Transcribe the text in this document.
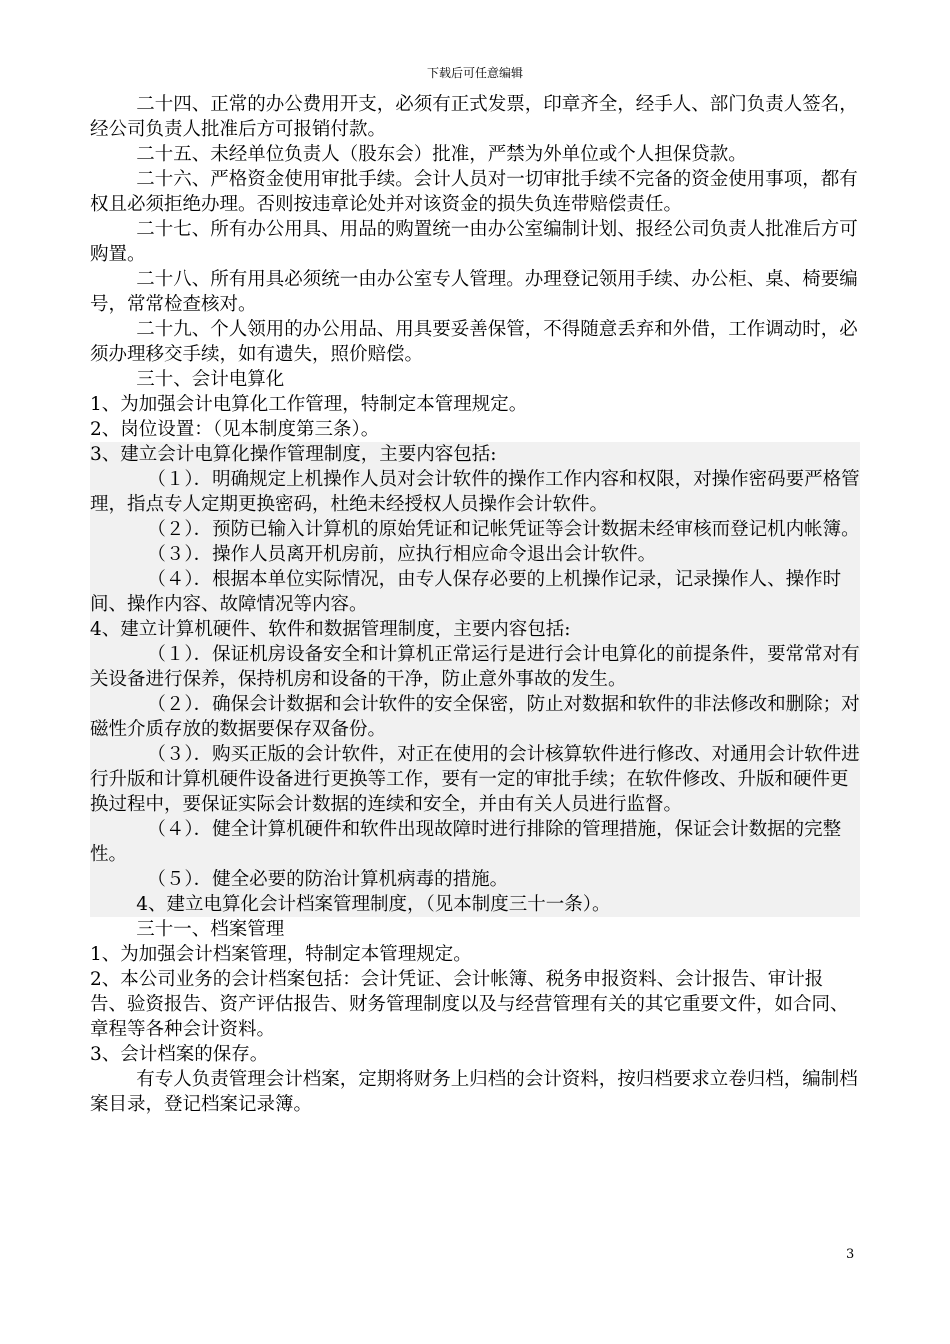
下载后可任意编辑

二十四、正常的办公费用开支，必须有正式发票，印章齐全，经手人、部门负责人签名，经公司负责人批准后方可报销付款。

二十五、未经单位负责人（股东会）批准，严禁为外单位或个人担保贷款。

二十六、严格资金使用审批手续。会计人员对一切审批手续不完备的资金使用事项，都有权且必须拒绝办理。否则按违章论处并对该资金的损失负连带赔偿责任。

二十七、所有办公用具、用品的购置统一由办公室编制计划、报经公司负责人批准后方可购置。

二十八、所有用具必须统一由办公室专人管理。办理登记领用手续、办公柜、桌、椅要编号，常常检查核对。

二十九、个人领用的办公用品、用具要妥善保管，不得随意丢弃和外借，工作调动时，必须办理移交手续，如有遗失，照价赔偿。

三十、会计电算化

1、为加强会计电算化工作管理，特制定本管理规定。

2、岗位设置：（见本制度第三条）。

3、建立会计电算化操作管理制度，主要内容包括:

（１）．明确规定上机操作人员对会计软件的操作工作内容和权限，对操作密码要严格管理，指点专人定期更换密码，杜绝未经授权人员操作会计软件。

（２）．预防已输入计算机的原始凭证和记帐凭证等会计数据未经审核而登记机内帐簿。

（３）．操作人员离开机房前，应执行相应命令退出会计软件。

（４）．根据本单位实际情况，由专人保存必要的上机操作记录，记录操作人、操作时间、操作内容、故障情况等内容。

4、建立计算机硬件、软件和数据管理制度，主要内容包括:

（１）．保证机房设备安全和计算机正常运行是进行会计电算化的前提条件，要常常对有关设备进行保养，保持机房和设备的干净，防止意外事故的发生。

（２）．确保会计数据和会计软件的安全保密，防止对数据和软件的非法修改和删除；对磁性介质存放的数据要保存双备份。

（３）．购买正版的会计软件，对正在使用的会计核算软件进行修改、对通用会计软件进行升版和计算机硬件设备进行更换等工作，要有一定的审批手续；在软件修改、升版和硬件更换过程中，要保证实际会计数据的连续和安全，并由有关人员进行监督。

（４）．健全计算机硬件和软件出现故障时进行排除的管理措施，保证会计数据的完整性。

（５）．健全必要的防治计算机病毒的措施。

4、建立电算化会计档案管理制度，（见本制度三十一条）。

三十一、档案管理

1、为加强会计档案管理，特制定本管理规定。

2、本公司业务的会计档案包括：会计凭证、会计帐簿、税务申报资料、会计报告、审计报告、验资报告、资产评估报告、财务管理制度以及与经营管理有关的其它重要文件，如合同、章程等各种会计资料。

3、会计档案的保存。

有专人负责管理会计档案，定期将财务上归档的会计资料，按归档要求立卷归档，编制档案目录，登记档案记录簿。

3
